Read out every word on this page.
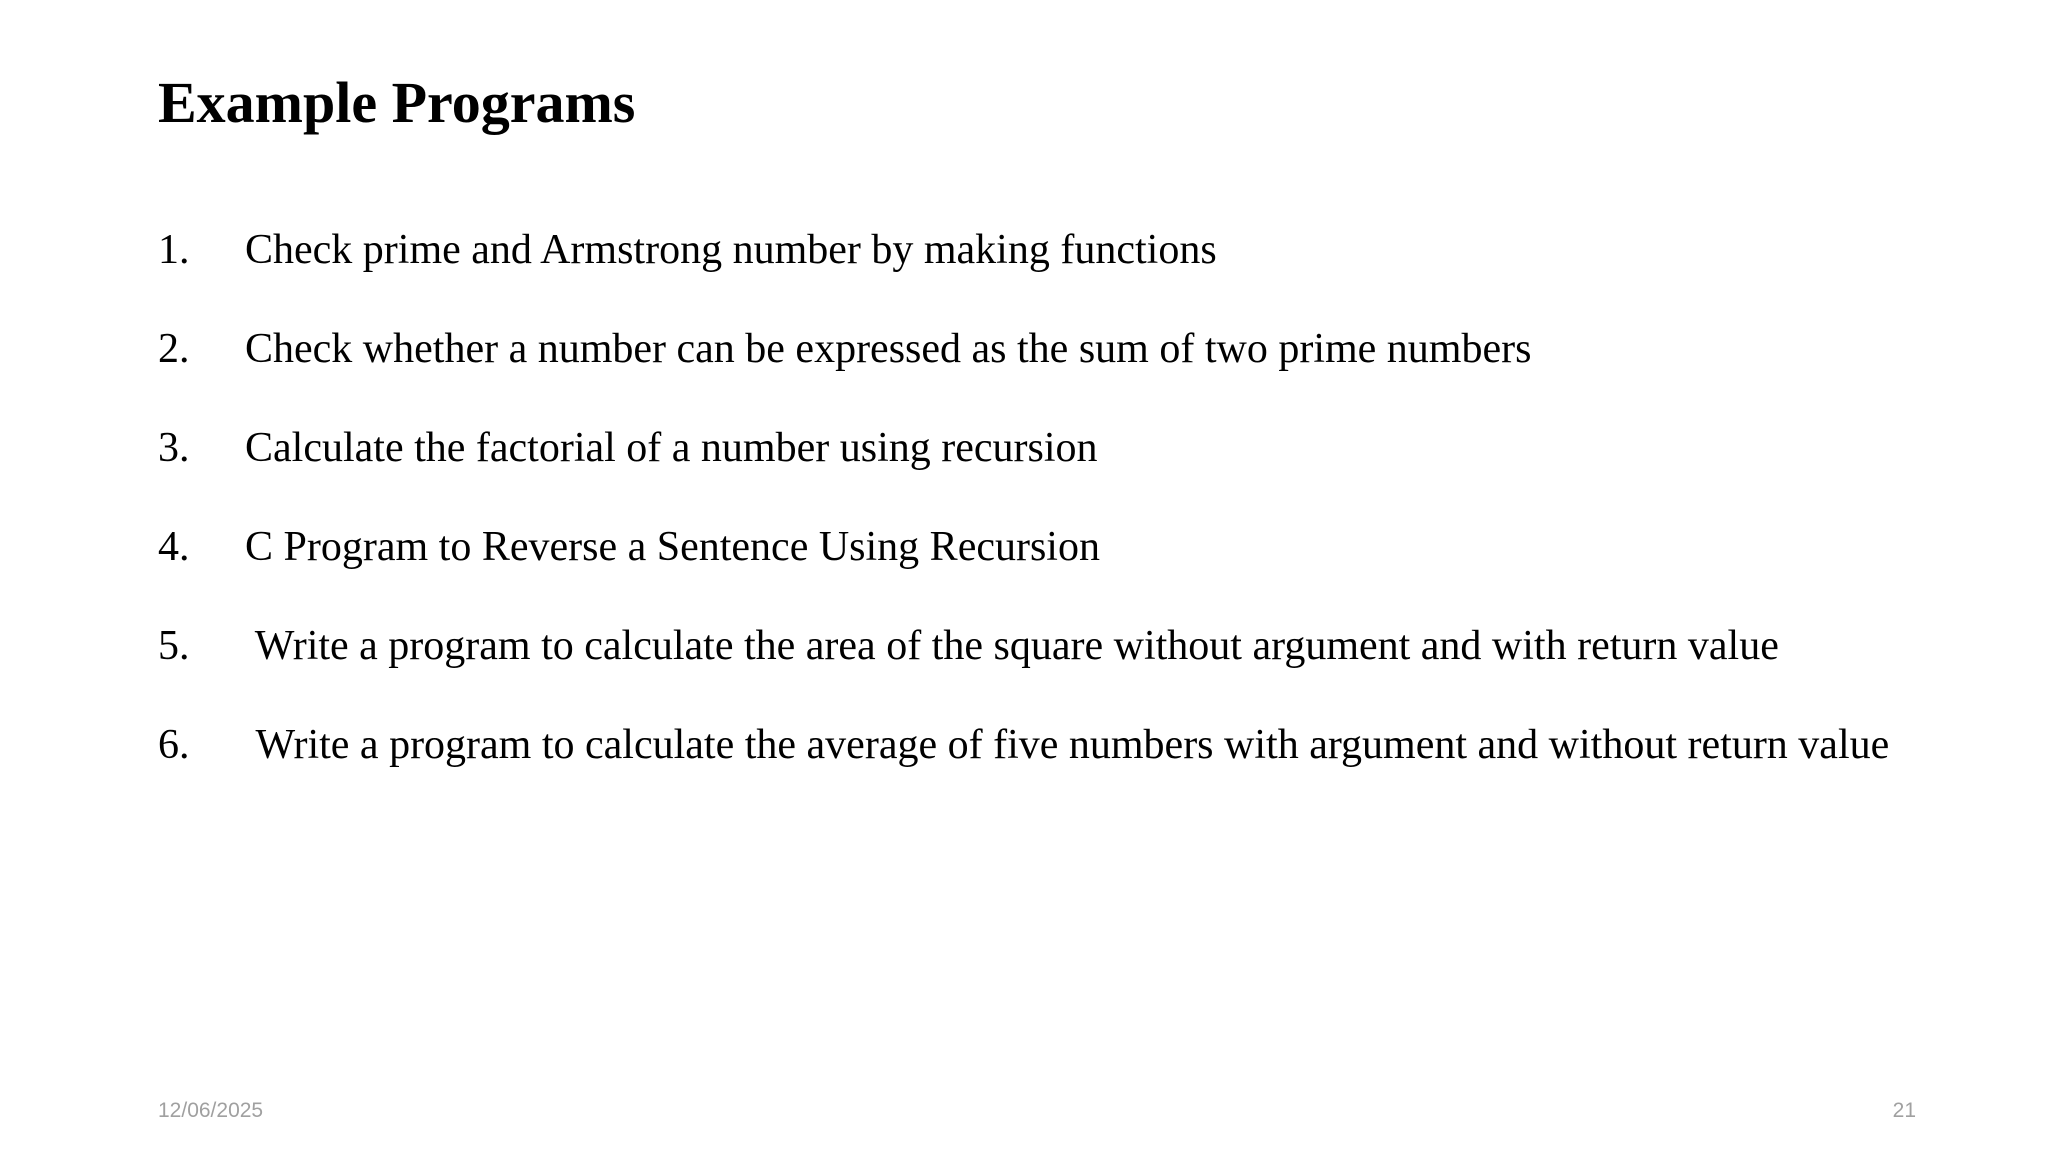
Example Programs
1.	Check prime and Armstrong number by making functions
2.	Check whether a number can be expressed as the sum of two prime numbers
3.	Calculate the factorial of a number using recursion
4.	C Program to Reverse a Sentence Using Recursion
5.	Write a program to calculate the area of the square without argument and with return value
6.	Write a program to calculate the average of five numbers with argument and without return value
12/06/2025	21
